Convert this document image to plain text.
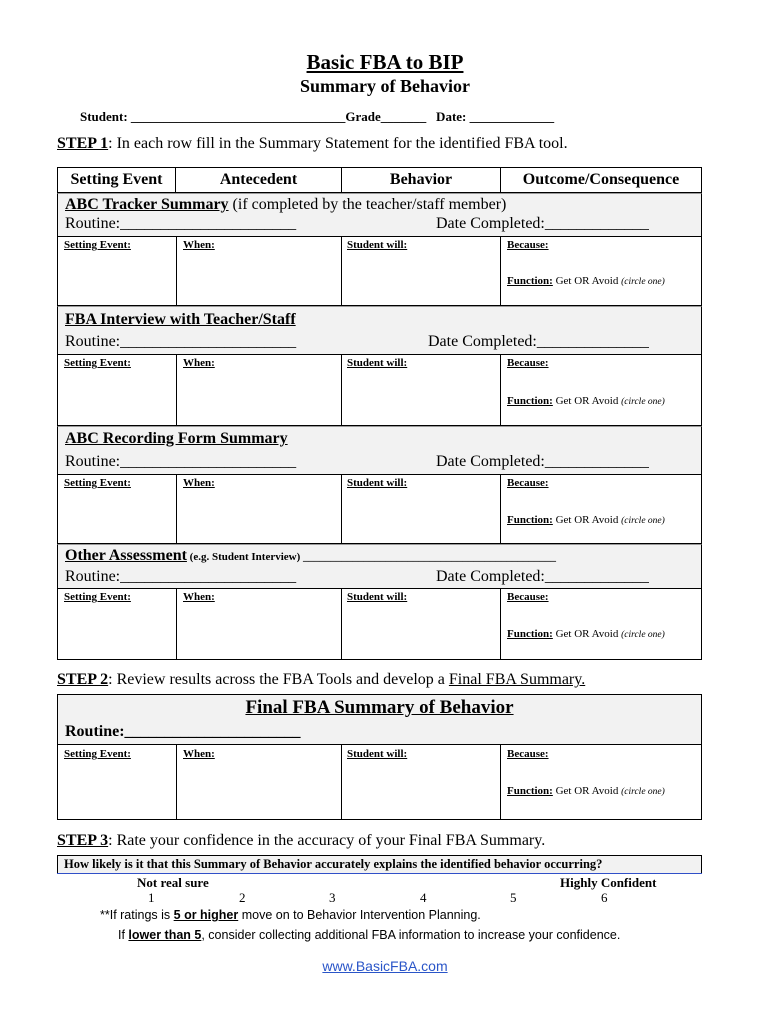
Basic FBA to BIP
Summary of Behavior
Student: _________________________________Grade_______   Date: _____________
STEP 1: In each row fill in the Summary Statement for the identified FBA tool.
Setting Event	Antecedent	Behavior	Outcome/Consequence
ABC Tracker Summary (if completed by the teacher/staff member)
Routine:______________________	Date Completed:_____________
Setting Event:	When:	Student will:	Because:
Function: Get OR Avoid (circle one)
FBA Interview with Teacher/Staff
Routine:______________________	Date Completed:______________
Setting Event:	When:	Student will:	Because:
Function: Get OR Avoid (circle one)
ABC Recording Form Summary
Routine:______________________	Date Completed:_____________
Setting Event:	When:	Student will:	Because:
Function: Get OR Avoid (circle one)
Other Assessment (e.g. Student Interview) ______________________________________________
Routine:______________________	Date Completed:_____________
Setting Event:	When:	Student will:	Because:
Function: Get OR Avoid (circle one)
STEP 2: Review results across the FBA Tools and develop a Final FBA Summary.
Final FBA Summary of Behavior
Routine:______________________
Setting Event:	When:	Student will:	Because:
Function: Get OR Avoid (circle one)
STEP 3: Rate your confidence in the accuracy of your Final FBA Summary.
How likely is it that this Summary of Behavior accurately explains the identified behavior occurring?
Not real sure	Highly Confident
1	2	3	4	5	6
**If ratings is 5 or higher move on to Behavior Intervention Planning.
If lower than 5, consider collecting additional FBA information to increase your confidence.
www.BasicFBA.com
